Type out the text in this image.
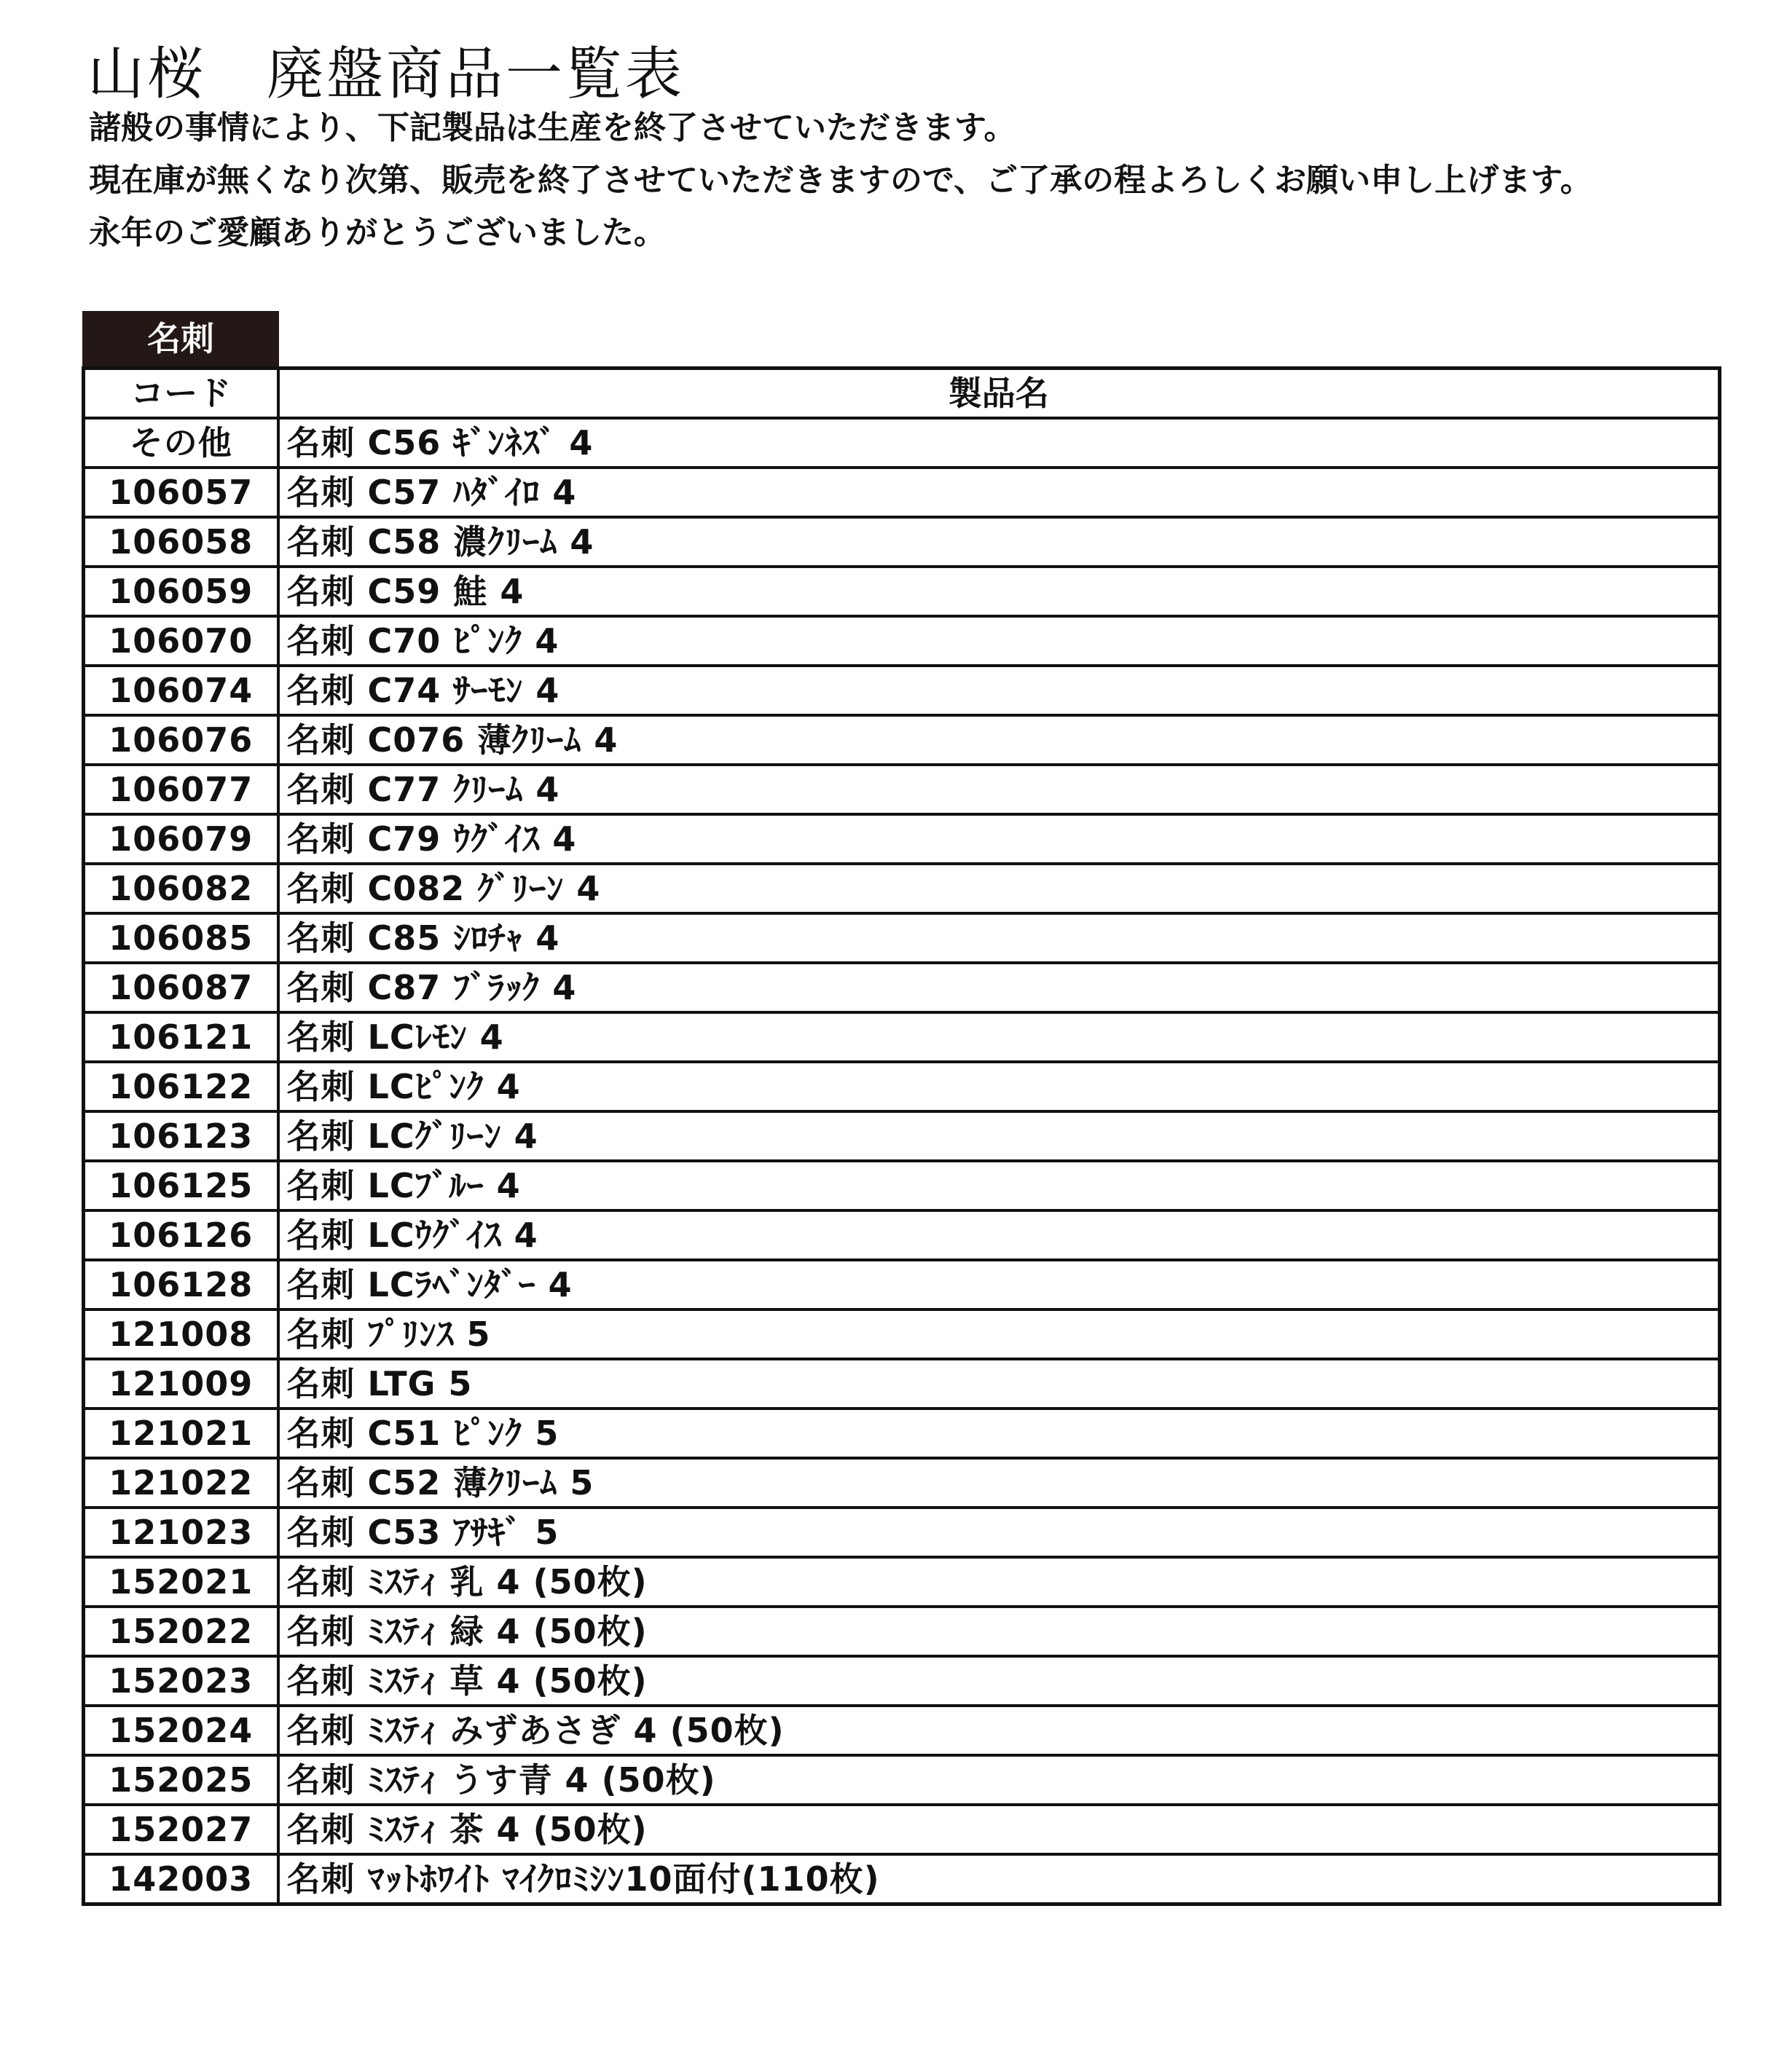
山桜　廃盤商品一覧表
諸般の事情により、下記製品は生産を終了させていただきます。
現在庫が無くなり次第、販売を終了させていただきますので、ご了承の程よろしくお願い申し上げます。
永年のご愛顧ありがとうございました。
名刺
コード	製品名
その他	名刺 C56 ｷﾞﾝﾈｽﾞ 4
106057	名刺 C57 ﾊﾀﾞｲﾛ 4
106058	名刺 C58 濃ｸﾘｰﾑ 4
106059	名刺 C59 鮭 4
106070	名刺 C70 ﾋﾟﾝｸ 4
106074	名刺 C74 ｻｰﾓﾝ 4
106076	名刺 C076 薄ｸﾘｰﾑ 4
106077	名刺 C77 ｸﾘｰﾑ 4
106079	名刺 C79 ｳｸﾞｲｽ 4
106082	名刺 C082 ｸﾞﾘｰﾝ 4
106085	名刺 C85 ｼﾛﾁｬ 4
106087	名刺 C87 ﾌﾞﾗｯｸ 4
106121	名刺 LCﾚﾓﾝ 4
106122	名刺 LCﾋﾟﾝｸ 4
106123	名刺 LCｸﾞﾘｰﾝ 4
106125	名刺 LCﾌﾞﾙｰ 4
106126	名刺 LCｳｸﾞｲｽ 4
106128	名刺 LCﾗﾍﾞﾝﾀﾞｰ 4
121008	名刺 ﾌﾟﾘﾝｽ 5
121009	名刺 LTG 5
121021	名刺 C51 ﾋﾟﾝｸ 5
121022	名刺 C52 薄ｸﾘｰﾑ 5
121023	名刺 C53 ｱｻｷﾞ 5
152021	名刺 ﾐｽﾃｨ 乳 4 (50枚)
152022	名刺 ﾐｽﾃｨ 緑 4 (50枚)
152023	名刺 ﾐｽﾃｨ 草 4 (50枚)
152024	名刺 ﾐｽﾃｨ みずあさぎ 4 (50枚)
152025	名刺 ﾐｽﾃｨ うす青 4 (50枚)
152027	名刺 ﾐｽﾃｨ 茶 4 (50枚)
142003	名刺 ﾏｯﾄﾎﾜｲﾄ ﾏｲｸﾛﾐｼﾝ10面付(110枚)
